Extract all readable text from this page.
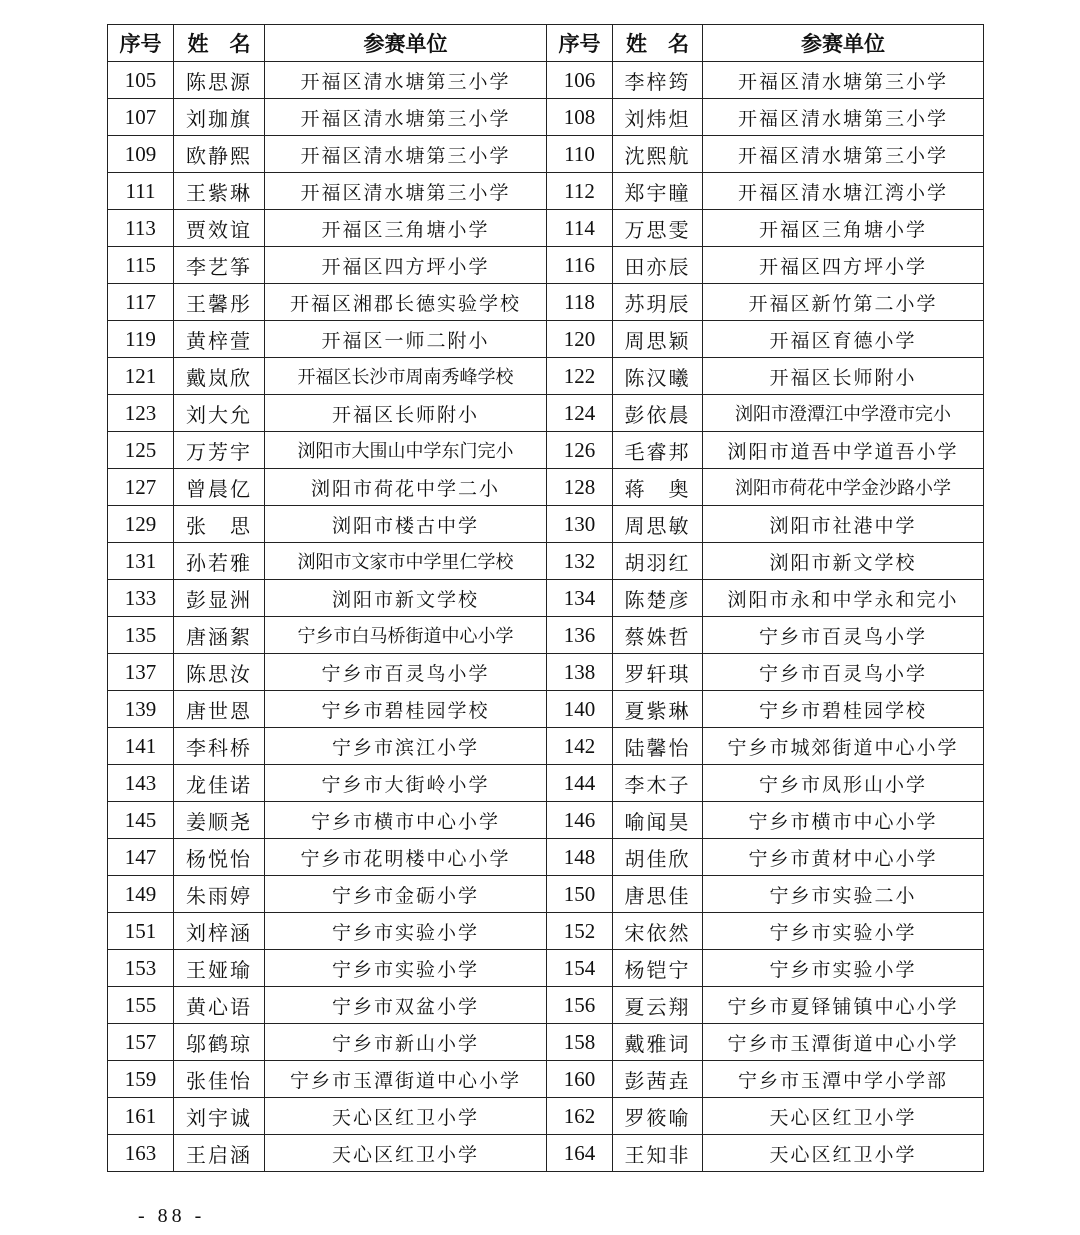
序号	姓　名	参赛单位	序号	姓　名	参赛单位
105	陈思源	开福区清水塘第三小学	106	李梓筠	开福区清水塘第三小学
107	刘珈旗	开福区清水塘第三小学	108	刘炜炟	开福区清水塘第三小学
109	欧静熙	开福区清水塘第三小学	110	沈熙航	开福区清水塘第三小学
111	王紫琳	开福区清水塘第三小学	112	郑宇瞳	开福区清水塘江湾小学
113	贾效谊	开福区三角塘小学	114	万思雯	开福区三角塘小学
115	李艺筝	开福区四方坪小学	116	田亦辰	开福区四方坪小学
117	王馨彤	开福区湘郡长德实验学校	118	苏玥辰	开福区新竹第二小学
119	黄梓萱	开福区一师二附小	120	周思颖	开福区育德小学
121	戴岚欣	开福区长沙市周南秀峰学校	122	陈汉曦	开福区长师附小
123	刘大允	开福区长师附小	124	彭依晨	浏阳市澄潭江中学澄市完小
125	万芳宇	浏阳市大围山中学东门完小	126	毛睿邦	浏阳市道吾中学道吾小学
127	曾晨亿	浏阳市荷花中学二小	128	蒋　奥	浏阳市荷花中学金沙路小学
129	张　思	浏阳市楼古中学	130	周思敏	浏阳市社港中学
131	孙若雅	浏阳市文家市中学里仁学校	132	胡羽红	浏阳市新文学校
133	彭显洲	浏阳市新文学校	134	陈楚彦	浏阳市永和中学永和完小
135	唐涵絮	宁乡市白马桥街道中心小学	136	蔡姝哲	宁乡市百灵鸟小学
137	陈思汝	宁乡市百灵鸟小学	138	罗轩琪	宁乡市百灵鸟小学
139	唐世恩	宁乡市碧桂园学校	140	夏紫琳	宁乡市碧桂园学校
141	李科桥	宁乡市滨江小学	142	陆馨怡	宁乡市城郊街道中心小学
143	龙佳诺	宁乡市大街岭小学	144	李木子	宁乡市凤形山小学
145	姜顺尧	宁乡市横市中心小学	146	喻闻昊	宁乡市横市中心小学
147	杨悦怡	宁乡市花明楼中心小学	148	胡佳欣	宁乡市黄材中心小学
149	朱雨婷	宁乡市金砺小学	150	唐思佳	宁乡市实验二小
151	刘梓涵	宁乡市实验小学	152	宋依然	宁乡市实验小学
153	王娅瑜	宁乡市实验小学	154	杨铠宁	宁乡市实验小学
155	黄心语	宁乡市双盆小学	156	夏云翔	宁乡市夏铎铺镇中心小学
157	邬鹤琼	宁乡市新山小学	158	戴雅词	宁乡市玉潭街道中心小学
159	张佳怡	宁乡市玉潭街道中心小学	160	彭茜垚	宁乡市玉潭中学小学部
161	刘宇诚	天心区红卫小学	162	罗筱喻	天心区红卫小学
163	王启涵	天心区红卫小学	164	王知非	天心区红卫小学
- 88 -
